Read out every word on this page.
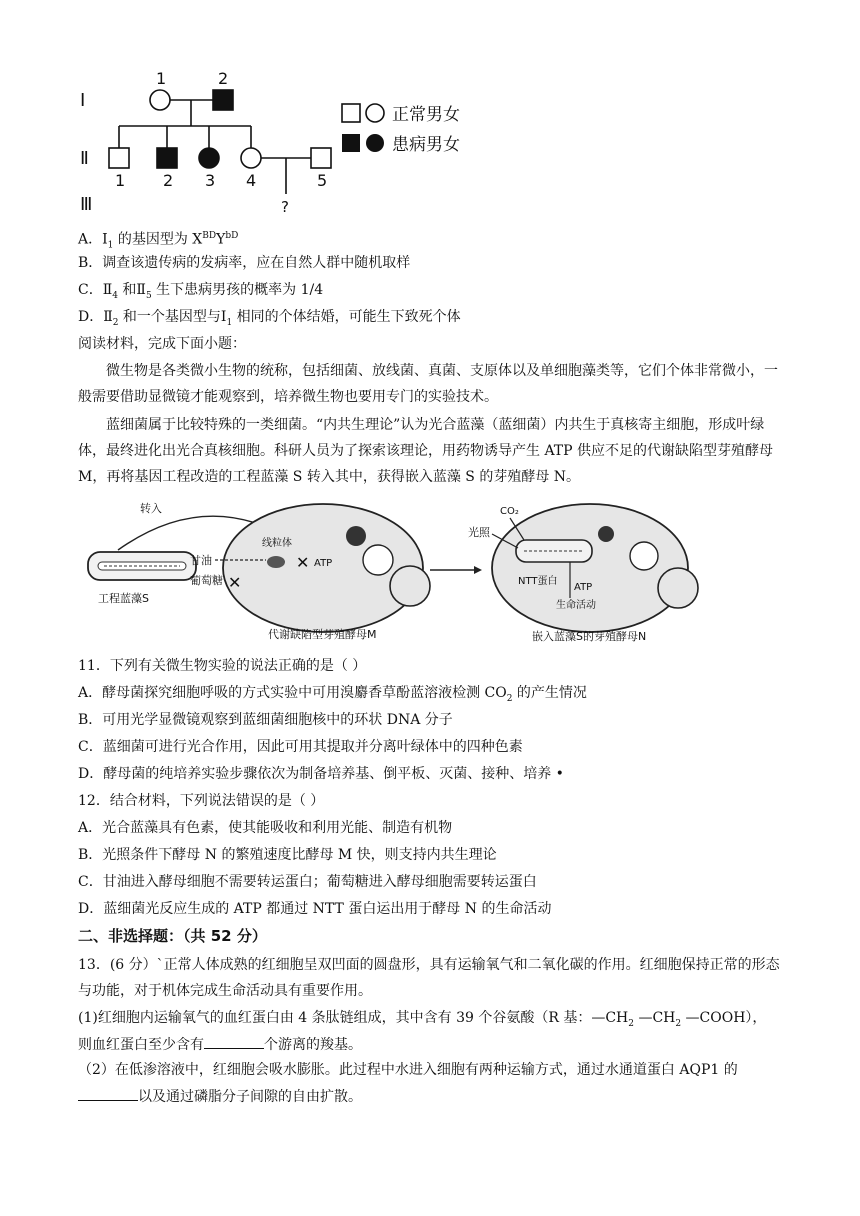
Ⅰ
Ⅱ
Ⅲ
1	2
1 2 3 4	5
?
正常男女
患病男女
A．$Ⅰ_1$ 的基因型为 $X^{BD}Y^{bD}$
B．调查该遗传病的发病率，应在自然人群中随机取样
C．$Ⅱ_4$ 和$Ⅱ_5$ 生下患病男孩的概率为 1/4
D．$Ⅱ_2$ 和一个基因型与$Ⅰ_1$ 相同的个体结婚，可能生下致死个体
阅读材料，完成下面小题：
微生物是各类微小生物的统称，包括细菌、放线菌、真菌、支原体以及单细胞藻类等，它们个体非常微小，一般需要借助显微镜才能观察到，培养微生物也要用专门的实验技术。
蓝细菌属于比较特殊的一类细菌。“内共生理论”认为光合蓝藻（蓝细菌）内共生于真核寄主细胞，形成叶绿体，最终进化出光合真核细胞。科研人员为了探索该理论，用药物诱导产生 ATP 供应不足的代谢缺陷型芽殖酵母 M，再将基因工程改造的工程蓝藻 S 转入其中，获得嵌入蓝藻 S 的芽殖酵母 N。
工程蓝藻S
转入
线粒体
甘油
葡萄糖 ✕
✕ ATP
代谢缺陷型芽殖酵母M
CO₂
光照
NTT蛋白
ATP
生命活动
嵌入蓝藻S的芽殖酵母N
11．下列有关微生物实验的说法正确的是（ ）
A．酵母菌探究细胞呼吸的方式实验中可用溴麝香草酚蓝溶液检测 $CO_2$ 的产生情况
B．可用光学显微镜观察到蓝细菌细胞核中的环状 DNA 分子
C．蓝细菌可进行光合作用，因此可用其提取并分离叶绿体中的四种色素
D．酵母菌的纯培养实验步骤依次为制备培养基、倒平板、灭菌、接种、培养 •
12．结合材料，下列说法错误的是（ ）
A．光合蓝藻具有色素，使其能吸收和利用光能、制造有机物
B．光照条件下酵母 N 的繁殖速度比酵母 M 快，则支持内共生理论
C．甘油进入酵母细胞不需要转运蛋白；葡萄糖进入酵母细胞需要转运蛋白
D．蓝细菌光反应生成的 ATP 都通过 NTT 蛋白运出用于酵母 N 的生命活动
二、非选择题：（共 52 分）
13．(6 分）`正常人体成熟的红细胞呈双凹面的圆盘形，具有运输氧气和二氧化碳的作用。红细胞保持正常的形态与功能，对于机体完成生命活动具有重要作用。
(1)红细胞内运输氧气的血红蛋白由 4 条肽链组成，其中含有 39 个谷氨酸（R 基：$—CH_2$ $—CH_2$ —COOH），
则血红蛋白至少含有	个游离的羧基。
（2）在低渗溶液中，红细胞会吸水膨胀。此过程中水进入细胞有两种运输方式，通过水通道蛋白 AQP1 的
以及通过磷脂分子间隙的自由扩散。
